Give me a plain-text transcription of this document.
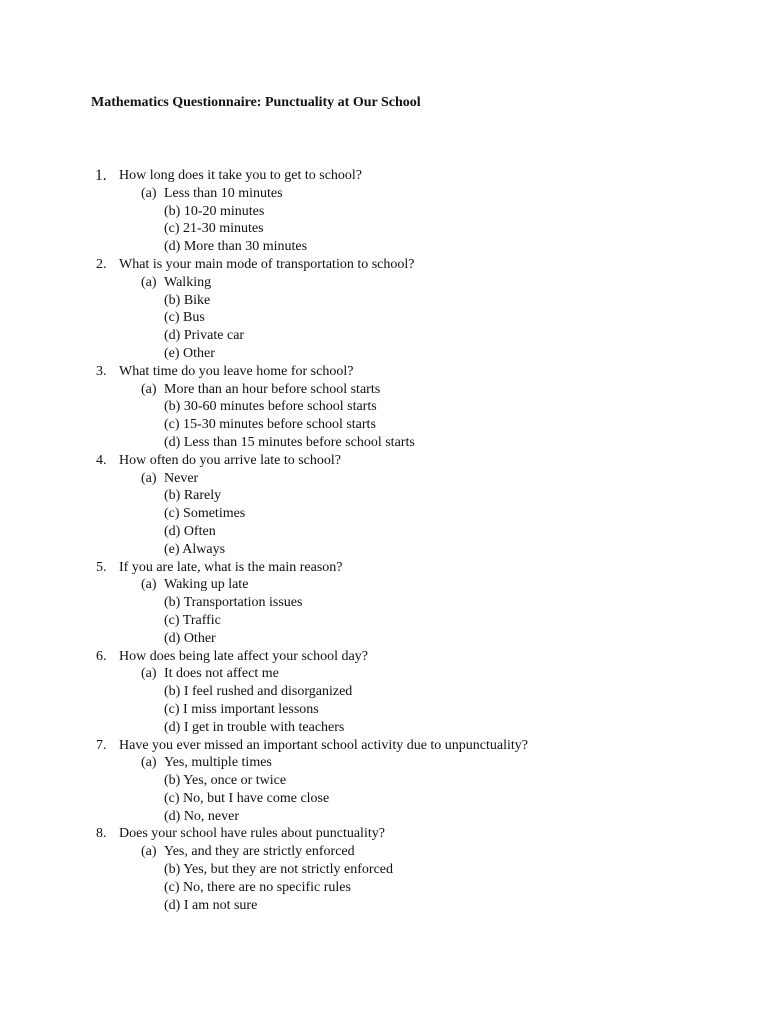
Mathematics Questionnaire: Punctuality at Our School
1. How long does it take you to get to school?
(a) Less than 10 minutes
(b) 10-20 minutes
(c) 21-30 minutes
(d) More than 30 minutes
2. What is your main mode of transportation to school?
(a) Walking
(b) Bike
(c) Bus
(d) Private car
(e) Other
3. What time do you leave home for school?
(a) More than an hour before school starts
(b) 30-60 minutes before school starts
(c) 15-30 minutes before school starts
(d) Less than 15 minutes before school starts
4. How often do you arrive late to school?
(a) Never
(b) Rarely
(c) Sometimes
(d) Often
(e) Always
5. If you are late, what is the main reason?
(a) Waking up late
(b) Transportation issues
(c) Traffic
(d) Other
6. How does being late affect your school day?
(a) It does not affect me
(b) I feel rushed and disorganized
(c) I miss important lessons
(d) I get in trouble with teachers
7. Have you ever missed an important school activity due to unpunctuality?
(a) Yes, multiple times
(b) Yes, once or twice
(c) No, but I have come close
(d) No, never
8. Does your school have rules about punctuality?
(a) Yes, and they are strictly enforced
(b) Yes, but they are not strictly enforced
(c) No, there are no specific rules
(d) I am not sure
